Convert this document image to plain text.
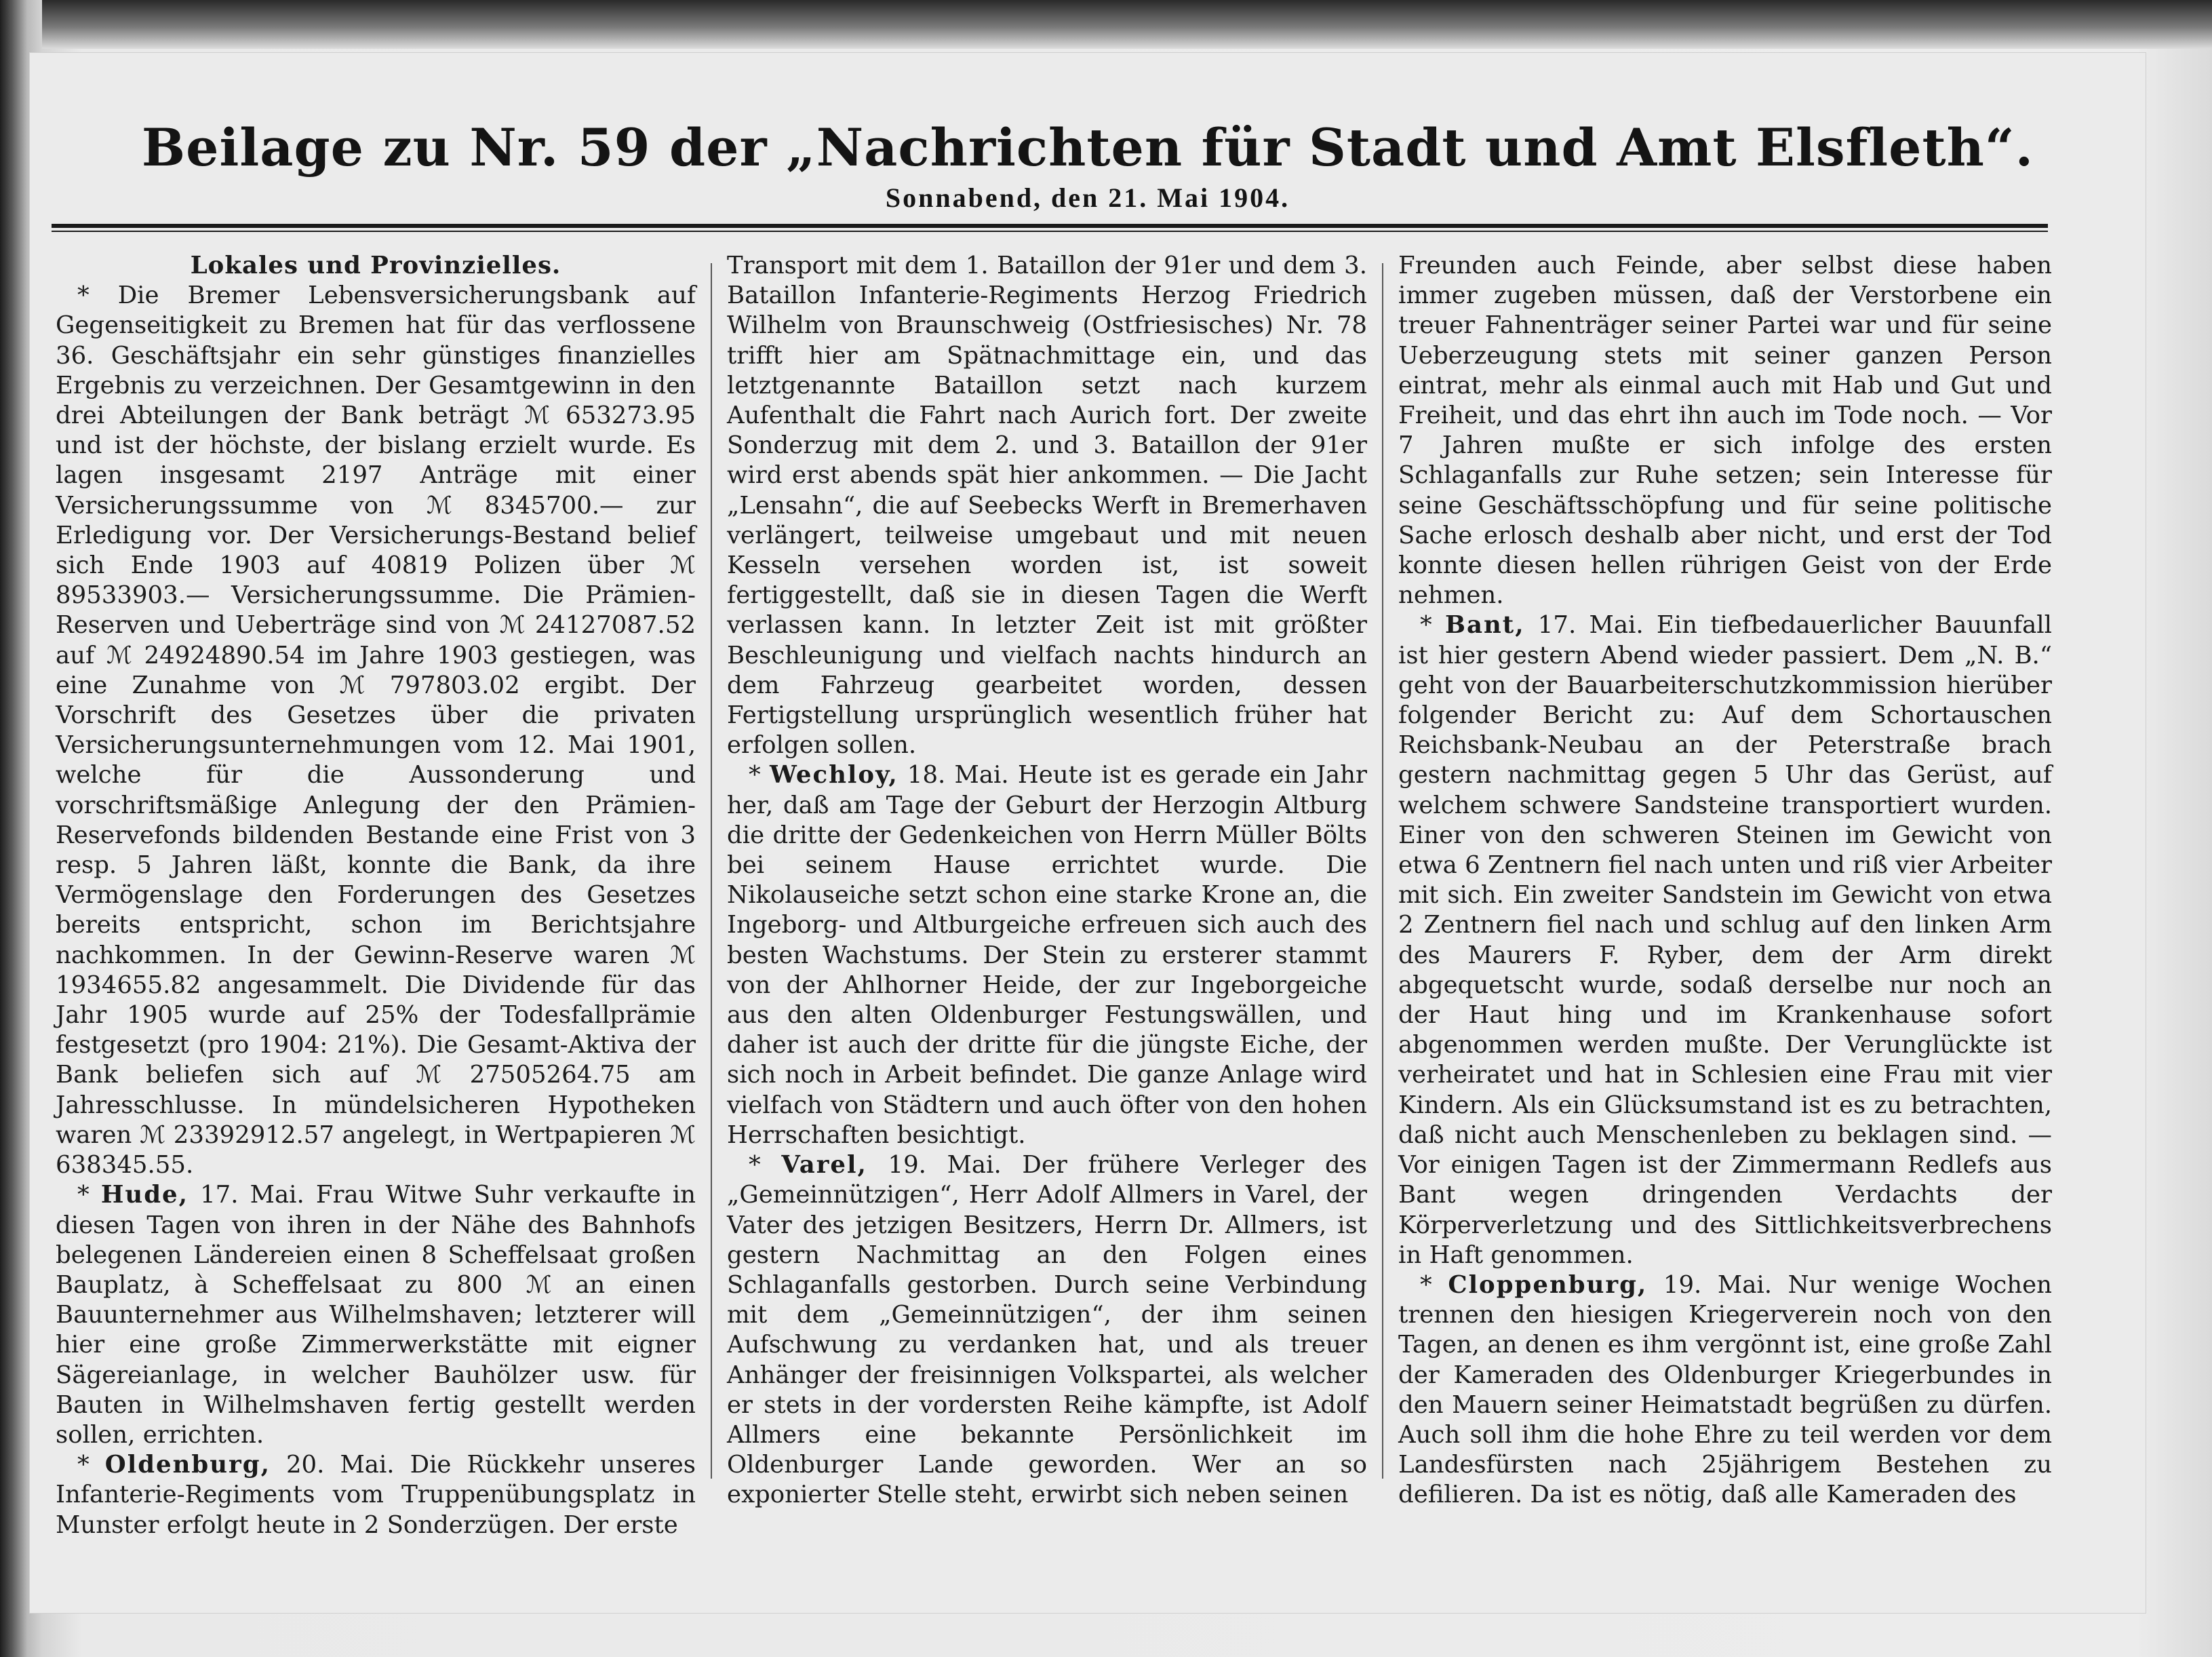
Beilage zu Nr. 59 der „Nachrichten für Stadt und Amt Elsfleth“.
Sonnabend, den 21. Mai 1904.

Lokales und Provinzielles.

* Die Bremer Lebensversicherungsbank auf Gegenseitigkeit zu Bremen hat für das verflossene 36. Geschäftsjahr ein sehr günstiges finanzielles Ergebnis zu verzeichnen. Der Gesamtgewinn in den drei Abteilungen der Bank beträgt ℳ 653273.95 und ist der höchste, der bislang erzielt wurde. Es lagen insgesamt 2197 Anträge mit einer Versicherungssumme von ℳ 8345700.— zur Erledigung vor. Der Versicherungs-Bestand belief sich Ende 1903 auf 40819 Polizen über ℳ 89533903.— Versicherungssumme. Die Prämien-Reserven und Ueberträge sind von ℳ 24127087.52 auf ℳ 24924890.54 im Jahre 1903 gestiegen, was eine Zunahme von ℳ 797803.02 ergibt. Der Vorschrift des Gesetzes über die privaten Versicherungsunternehmungen vom 12. Mai 1901, welche für die Aussonderung und vorschriftsmäßige Anlegung der den Prämien-Reservefonds bildenden Bestande eine Frist von 3 resp. 5 Jahren läßt, konnte die Bank, da ihre Vermögenslage den Forderungen des Gesetzes bereits entspricht, schon im Berichtsjahre nachkommen. In der Gewinn-Reserve waren ℳ 1934655.82 angesammelt. Die Dividende für das Jahr 1905 wurde auf 25% der Todesfallprämie festgesetzt (pro 1904: 21%). Die Gesamt-Aktiva der Bank beliefen sich auf ℳ 27505264.75 am Jahresschlusse. In mündelsicheren Hypotheken waren ℳ 23392912.57 angelegt, in Wertpapieren ℳ 638345.55.

* Hude, 17. Mai. Frau Witwe Suhr verkaufte in diesen Tagen von ihren in der Nähe des Bahnhofs belegenen Ländereien einen 8 Scheffelsaat großen Bauplatz, à Scheffelsaat zu 800 ℳ an einen Bauunternehmer aus Wilhelmshaven; letzterer will hier eine große Zimmerwerkstätte mit eigner Sägereianlage, in welcher Bauhölzer usw. für Bauten in Wilhelmshaven fertig gestellt werden sollen, errichten.

* Oldenburg, 20. Mai. Die Rückkehr unseres Infanterie-Regiments vom Truppenübungsplatz in Munster erfolgt heute in 2 Sonderzügen. Der erste

Transport mit dem 1. Bataillon der 91er und dem 3. Bataillon Infanterie-Regiments Herzog Friedrich Wilhelm von Braunschweig (Ostfriesisches) Nr. 78 trifft hier am Spätnachmittage ein, und das letztgenannte Bataillon setzt nach kurzem Aufenthalt die Fahrt nach Aurich fort. Der zweite Sonderzug mit dem 2. und 3. Bataillon der 91er wird erst abends spät hier ankommen. — Die Jacht „Lensahn“, die auf Seebecks Werft in Bremerhaven verlängert, teilweise umgebaut und mit neuen Kesseln versehen worden ist, ist soweit fertiggestellt, daß sie in diesen Tagen die Werft verlassen kann. In letzter Zeit ist mit größter Beschleunigung und vielfach nachts hindurch an dem Fahrzeug gearbeitet worden, dessen Fertigstellung ursprünglich wesentlich früher hat erfolgen sollen.

* Wechloy, 18. Mai. Heute ist es gerade ein Jahr her, daß am Tage der Geburt der Herzogin Altburg die dritte der Gedenkeichen von Herrn Müller Bölts bei seinem Hause errichtet wurde. Die Nikolauseiche setzt schon eine starke Krone an, die Ingeborg- und Altburgeiche erfreuen sich auch des besten Wachstums. Der Stein zu ersterer stammt von der Ahlhorner Heide, der zur Ingeborgeiche aus den alten Oldenburger Festungswällen, und daher ist auch der dritte für die jüngste Eiche, der sich noch in Arbeit befindet. Die ganze Anlage wird vielfach von Städtern und auch öfter von den hohen Herrschaften besichtigt.

* Varel, 19. Mai. Der frühere Verleger des „Gemeinnützigen“, Herr Adolf Allmers in Varel, der Vater des jetzigen Besitzers, Herrn Dr. Allmers, ist gestern Nachmittag an den Folgen eines Schlaganfalls gestorben. Durch seine Verbindung mit dem „Gemeinnützigen“, der ihm seinen Aufschwung zu verdanken hat, und als treuer Anhänger der freisinnigen Volkspartei, als welcher er stets in der vordersten Reihe kämpfte, ist Adolf Allmers eine bekannte Persönlichkeit im Oldenburger Lande geworden. Wer an so exponierter Stelle steht, erwirbt sich neben seinen

Freunden auch Feinde, aber selbst diese haben immer zugeben müssen, daß der Verstorbene ein treuer Fahnenträger seiner Partei war und für seine Ueberzeugung stets mit seiner ganzen Person eintrat, mehr als einmal auch mit Hab und Gut und Freiheit, und das ehrt ihn auch im Tode noch. — Vor 7 Jahren mußte er sich infolge des ersten Schlaganfalls zur Ruhe setzen; sein Interesse für seine Geschäftsschöpfung und für seine politische Sache erlosch deshalb aber nicht, und erst der Tod konnte diesen hellen rührigen Geist von der Erde nehmen.

* Bant, 17. Mai. Ein tiefbedauerlicher Bauunfall ist hier gestern Abend wieder passiert. Dem „N. B.“ geht von der Bauarbeiterschutzkommission hierüber folgender Bericht zu: Auf dem Schortauschen Reichsbank-Neubau an der Peterstraße brach gestern nachmittag gegen 5 Uhr das Gerüst, auf welchem schwere Sandsteine transportiert wurden. Einer von den schweren Steinen im Gewicht von etwa 6 Zentnern fiel nach unten und riß vier Arbeiter mit sich. Ein zweiter Sandstein im Gewicht von etwa 2 Zentnern fiel nach und schlug auf den linken Arm des Maurers F. Ryber, dem der Arm direkt abgequetscht wurde, sodaß derselbe nur noch an der Haut hing und im Krankenhause sofort abgenommen werden mußte. Der Verunglückte ist verheiratet und hat in Schlesien eine Frau mit vier Kindern. Als ein Glücksumstand ist es zu betrachten, daß nicht auch Menschenleben zu beklagen sind. — Vor einigen Tagen ist der Zimmermann Redlefs aus Bant wegen dringenden Verdachts der Körperverletzung und des Sittlichkeitsverbrechens in Haft genommen.

* Cloppenburg, 19. Mai. Nur wenige Wochen trennen den hiesigen Kriegerverein noch von den Tagen, an denen es ihm vergönnt ist, eine große Zahl der Kameraden des Oldenburger Kriegerbundes in den Mauern seiner Heimatstadt begrüßen zu dürfen. Auch soll ihm die hohe Ehre zu teil werden vor dem Landesfürsten nach 25jährigem Bestehen zu defilieren. Da ist es nötig, daß alle Kameraden des
